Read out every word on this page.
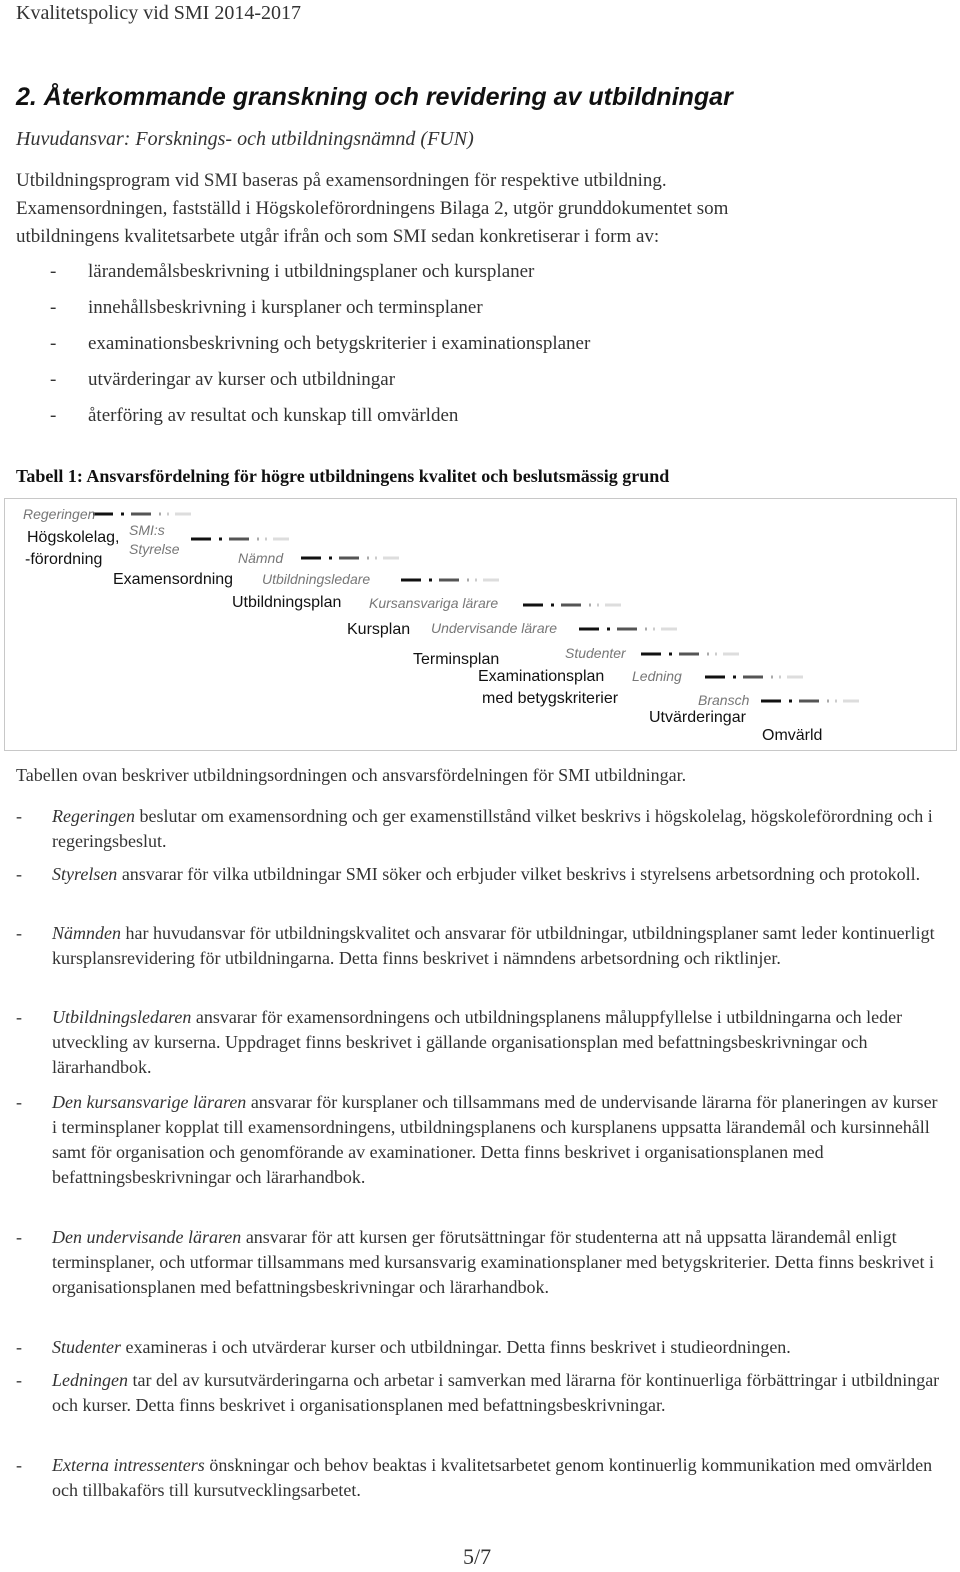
Kvalitetspolicy vid SMI 2014-2017
2. Återkommande granskning och revidering av utbildningar
Huvudansvar: Forsknings- och utbildningsnämnd (FUN)
Utbildningsprogram vid SMI baseras på examensordningen för respektive utbildning.
Examensordningen, fastställd i Högskoleförordningens Bilaga 2, utgör grunddokumentet som
utbildningens kvalitetsarbete utgår ifrån och som SMI sedan konkretiserar i form av:
- lärandemålsbeskrivning i utbildningsplaner och kursplaner
- innehållsbeskrivning i kursplaner och terminsplaner
- examinationsbeskrivning och betygskriterier i examinationsplaner
- utvärderingar av kurser och utbildningar
- återföring av resultat och kunskap till omvärlden
Tabell 1: Ansvarsfördelning för högre utbildningens kvalitet och beslutsmässig grund
Regeringen
SMI:s
Styrelse
Nämnd
Utbildningsledare
Kursansvariga lärare
Undervisande lärare
Studenter
Ledning
Bransch
Högskolelag,
-förordning
Examensordning
Utbildningsplan
Kursplan
Terminsplan
Examinationsplan
med betygskriterier
Utvärderingar
Omvärld
Tabellen ovan beskriver utbildningsordningen och ansvarsfördelningen för SMI utbildningar.
- Regeringen beslutar om examensordning och ger examenstillstånd vilket beskrivs i högskolelag, högskoleförordning och i regeringsbeslut.
- Styrelsen ansvarar för vilka utbildningar SMI söker och erbjuder vilket beskrivs i styrelsens arbetsordning och protokoll.
- Nämnden har huvudansvar för utbildningskvalitet och ansvarar för utbildningar, utbildningsplaner samt leder kontinuerligt kursplansrevidering för utbildningarna. Detta finns beskrivet i nämndens arbetsordning och riktlinjer.
- Utbildningsledaren ansvarar för examensordningens och utbildningsplanens måluppfyllelse i utbildningarna och leder utveckling av kurserna. Uppdraget finns beskrivet i gällande organisationsplan med befattningsbeskrivningar och lärarhandbok.
- Den kursansvarige läraren ansvarar för kursplaner och tillsammans med de undervisande lärarna för planeringen av kurser i terminsplaner kopplat till examensordningens, utbildningsplanens och kursplanens uppsatta lärandemål och kursinnehåll samt för organisation och genomförande av examinationer. Detta finns beskrivet i organisationsplanen med befattningsbeskrivningar och lärarhandbok.
- Den undervisande läraren ansvarar för att kursen ger förutsättningar för studenterna att nå uppsatta lärandemål enligt terminsplaner, och utformar tillsammans med kursansvarig examinationsplaner med betygskriterier. Detta finns beskrivet i organisationsplanen med befattningsbeskrivningar och lärarhandbok.
- Studenter examineras i och utvärderar kurser och utbildningar. Detta finns beskrivet i studieordningen.
- Ledningen tar del av kursutvärderingarna och arbetar i samverkan med lärarna för kontinuerliga förbättringar i utbildningar och kurser. Detta finns beskrivet i organisationsplanen med befattningsbeskrivningar.
- Externa intressenters önskningar och behov beaktas i kvalitetsarbetet genom kontinuerlig kommunikation med omvärlden och tillbakaförs till kursutvecklingsarbetet.
5/7
